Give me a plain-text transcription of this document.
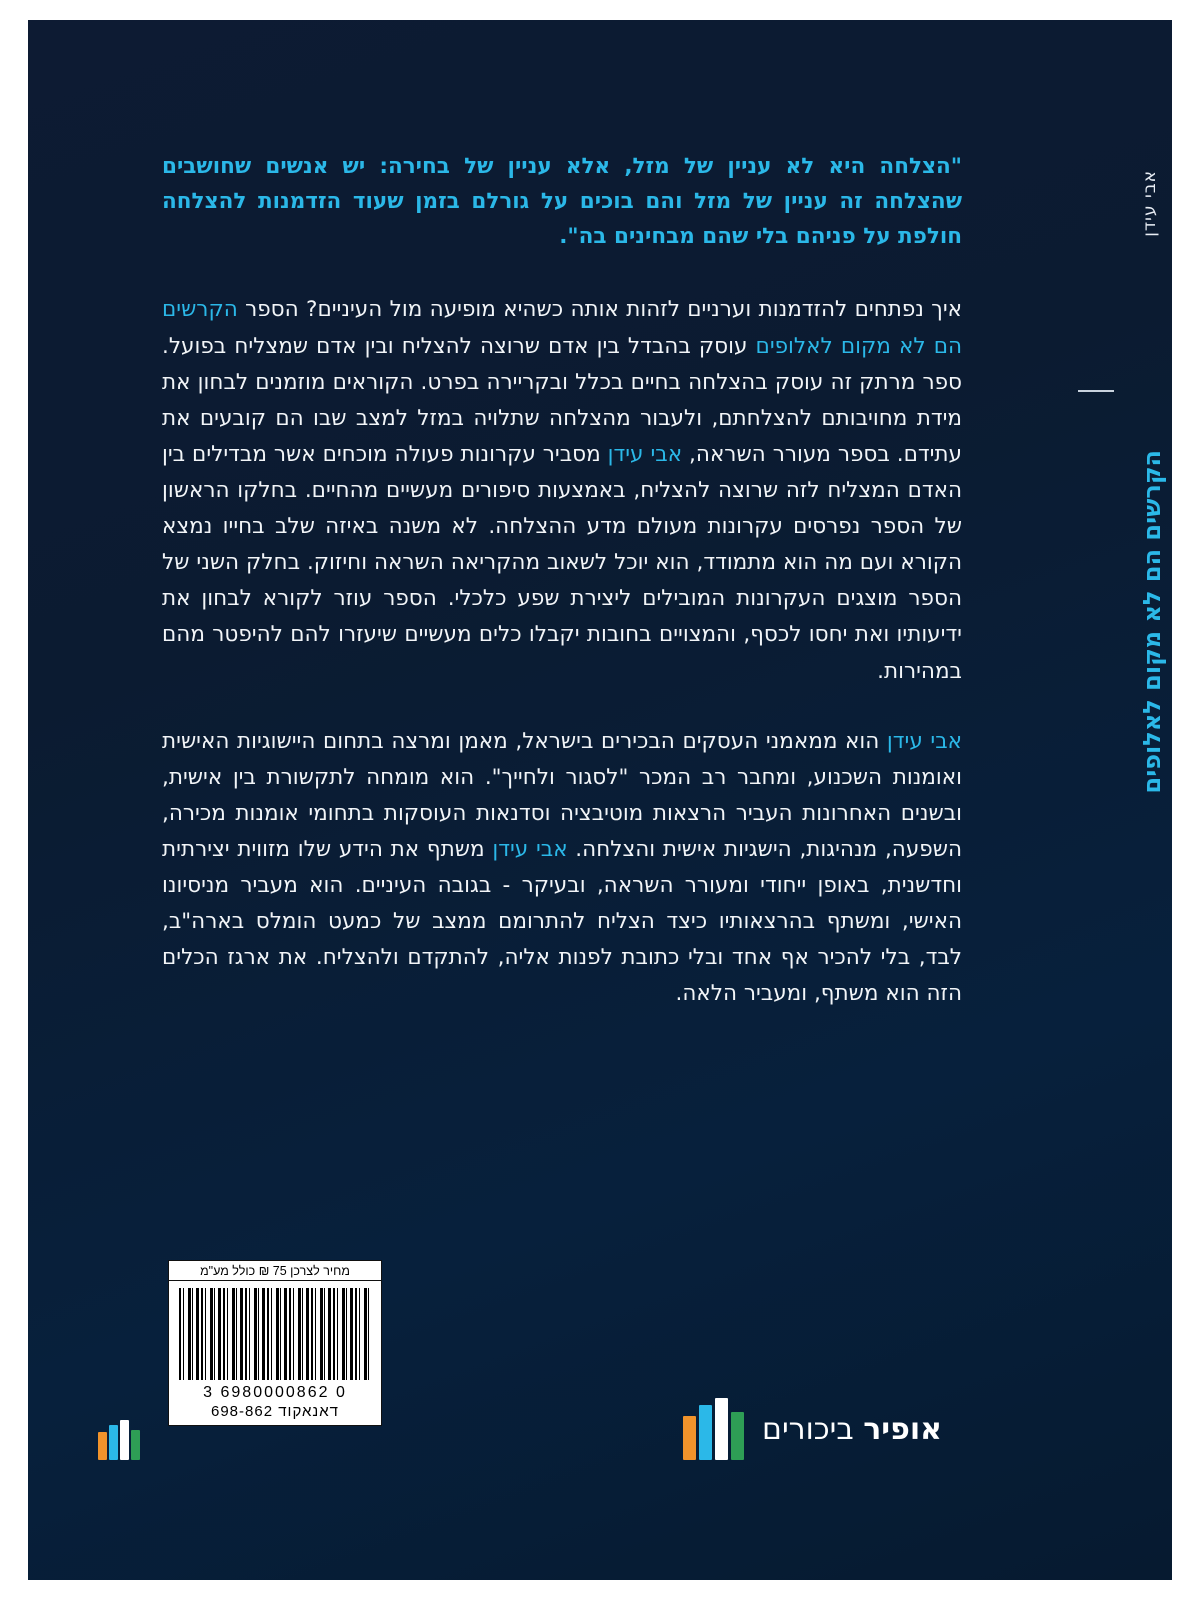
אבי עידן
הקרשים הם לא מקום לאלופים
"הצלחה היא לא עניין של מזל, אלא עניין של בחירה: יש אנשים שחושבים שהצלחה זה עניין של מזל והם בוכים על גורלם בזמן שעוד הזדמנות להצלחה חולפת על פניהם בלי שהם מבחינים בה".
איך נפתחים להזדמנות וערניים לזהות אותה כשהיא מופיעה מול העיניים? הספר הקרשים הם לא מקום לאלופים עוסק בהבדל בין אדם שרוצה להצליח ובין אדם שמצליח בפועל. ספר מרתק זה עוסק בהצלחה בחיים בכלל ובקריירה בפרט. הקוראים מוזמנים לבחון את מידת מחויבותם להצלחתם, ולעבור מהצלחה שתלויה במזל למצב שבו הם קובעים את עתידם. בספר מעורר השראה, אבי עידן מסביר עקרונות פעולה מוכחים אשר מבדילים בין האדם המצליח לזה שרוצה להצליח, באמצעות סיפורים מעשיים מהחיים. בחלקו הראשון של הספר נפרסים עקרונות מעולם מדע ההצלחה. לא משנה באיזה שלב בחייו נמצא הקורא ועם מה הוא מתמודד, הוא יוכל לשאוב מהקריאה השראה וחיזוק. בחלק השני של הספר מוצגים העקרונות המובילים ליצירת שפע כלכלי. הספר עוזר לקורא לבחון את ידיעותיו ואת יחסו לכסף, והמצויים בחובות יקבלו כלים מעשיים שיעזרו להם להיפטר מהם במהירות.
אבי עידן הוא ממאמני העסקים הבכירים בישראל, מאמן ומרצה בתחום היישוגיות האישית ואומנות השכנוע, ומחבר רב המכר "לסגור ולחייך". הוא מומחה לתקשורת בין אישית, ובשנים האחרונות העביר הרצאות מוטיבציה וסדנאות העוסקות בתחומי אומנות מכירה, השפעה, מנהיגות, הישגיות אישית והצלחה. אבי עידן משתף את הידע שלו מזווית יצירתית וחדשנית, באופן ייחודי ומעורר השראה, ובעיקר - בגובה העיניים. הוא מעביר מניסיונו האישי, ומשתף בהרצאותיו כיצד הצליח להתרומם ממצב של כמעט הומלס בארה"ב, לבד, בלי להכיר אף אחד ובלי כתובת לפנות אליה, להתקדם ולהצליח. את ארגז הכלים הזה הוא משתף, ומעביר הלאה.
מחיר לצרכן 75 ₪ כולל מע"מ
0 6980000862 3
דאנאקוד 698-862	אופיר ביכורים
